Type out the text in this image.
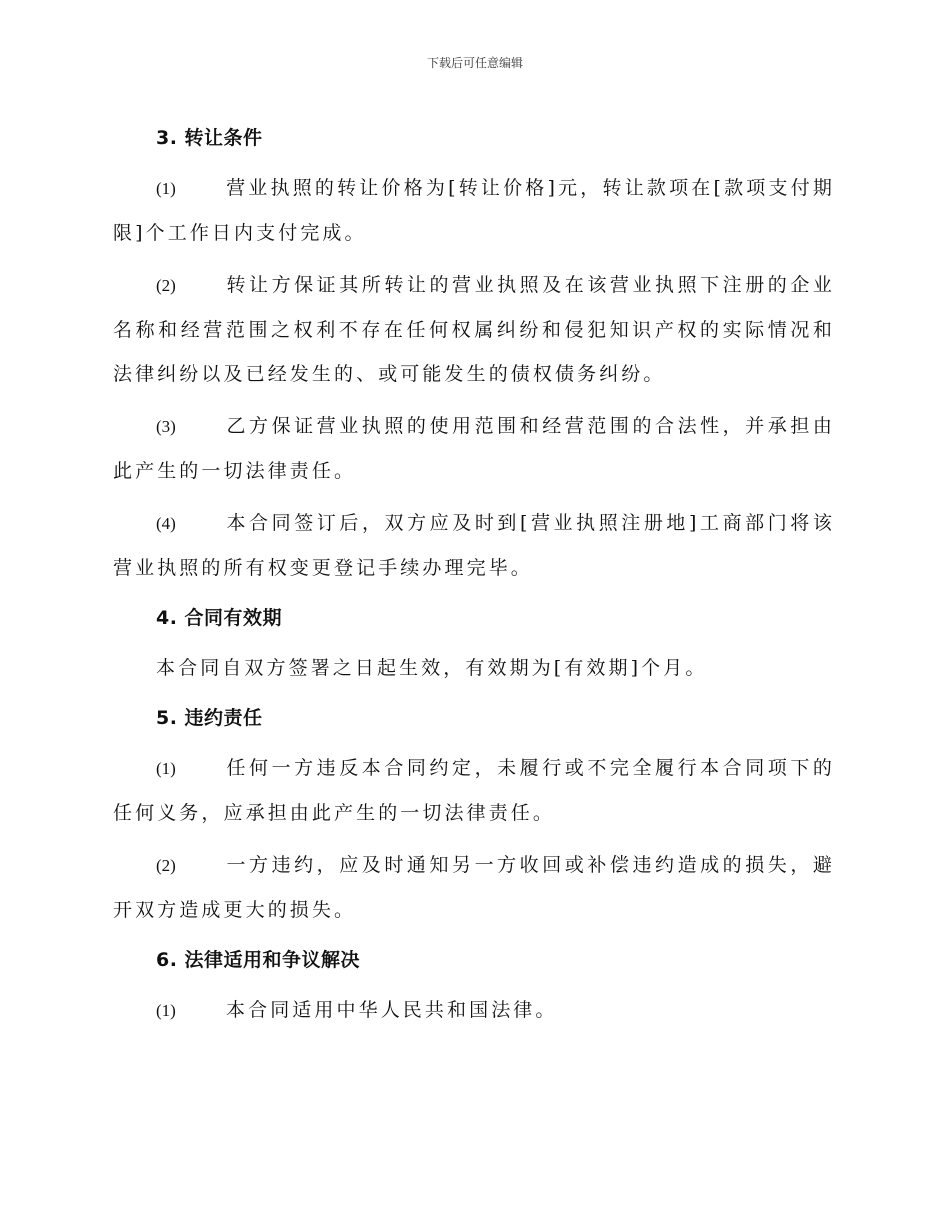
下载后可任意编辑
3. 转让条件

(1)	营业执照的转让价格为[转让价格]元，转让款项在[款项支付期限]个工作日内支付完成。

(2)	转让方保证其所转让的营业执照及在该营业执照下注册的企业名称和经营范围之权利不存在任何权属纠纷和侵犯知识产权的实际情况和法律纠纷以及已经发生的、或可能发生的债权债务纠纷。

(3)	乙方保证营业执照的使用范围和经营范围的合法性，并承担由此产生的一切法律责任。

(4)	本合同签订后，双方应及时到[营业执照注册地]工商部门将该营业执照的所有权变更登记手续办理完毕。

4. 合同有效期

本合同自双方签署之日起生效，有效期为[有效期]个月。

5. 违约责任

(1)	任何一方违反本合同约定，未履行或不完全履行本合同项下的任何义务，应承担由此产生的一切法律责任。

(2)	一方违约，应及时通知另一方收回或补偿违约造成的损失，避开双方造成更大的损失。

6. 法律适用和争议解决

(1)	本合同适用中华人民共和国法律。
